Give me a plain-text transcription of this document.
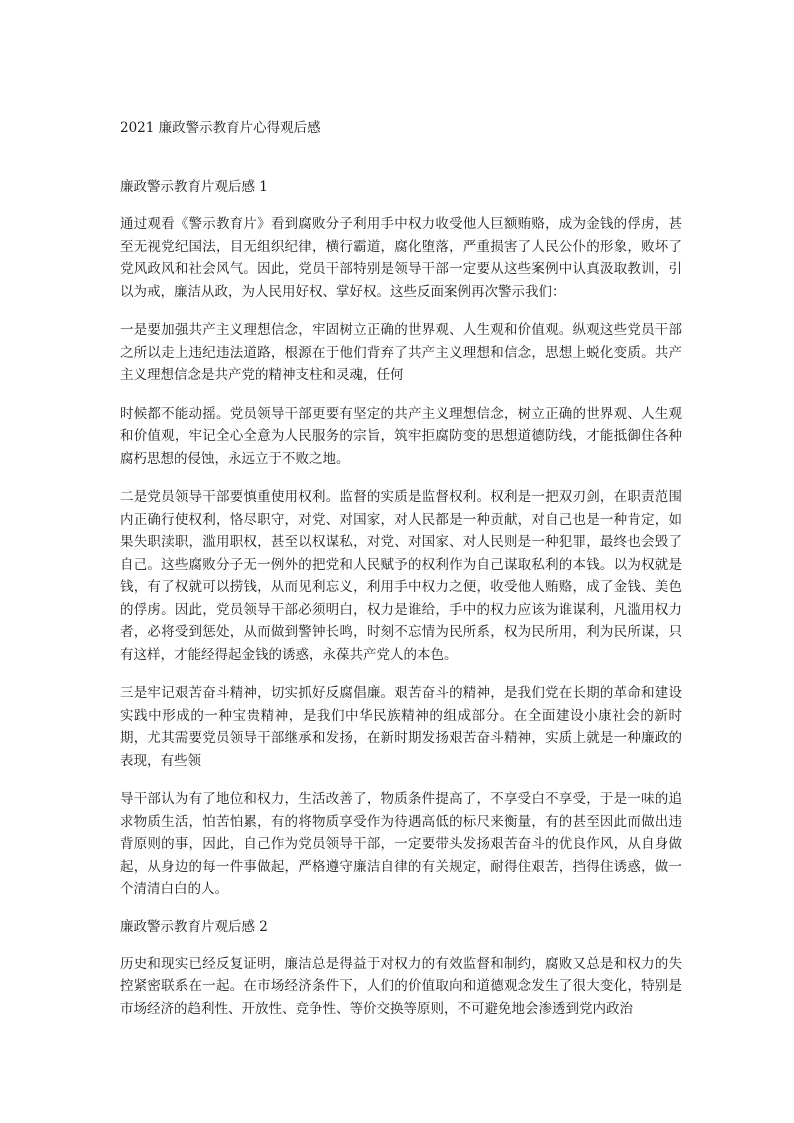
2021 廉政警示教育片心得观后感
廉政警示教育片观后感 1

通过观看《警示教育片》看到腐败分子利用手中权力收受他人巨额贿赂，成为金钱的俘虏，甚至无视党纪国法，目无组织纪律，横行霸道，腐化堕落，严重损害了人民公仆的形象，败坏了党风政风和社会风气。因此，党员干部特别是领导干部一定要从这些案例中认真汲取教训，引以为戒，廉洁从政，为人民用好权、掌好权。这些反面案例再次警示我们：

一是要加强共产主义理想信念，牢固树立正确的世界观、人生观和价值观。纵观这些党员干部之所以走上违纪违法道路，根源在于他们背弃了共产主义理想和信念，思想上蜕化变质。共产主义理想信念是共产党的精神支柱和灵魂，任何

时候都不能动摇。党员领导干部更要有坚定的共产主义理想信念，树立正确的世界观、人生观和价值观，牢记全心全意为人民服务的宗旨，筑牢拒腐防变的思想道德防线，才能抵御住各种腐朽思想的侵蚀，永远立于不败之地。

二是党员领导干部要慎重使用权利。监督的实质是监督权利。权利是一把双刃剑，在职责范围内正确行使权利，恪尽职守，对党、对国家，对人民都是一种贡献，对自己也是一种肯定，如果失职渎职，滥用职权，甚至以权谋私，对党、对国家、对人民则是一种犯罪，最终也会毁了自己。这些腐败分子无一例外的把党和人民赋予的权利作为自己谋取私利的本钱。以为权就是钱，有了权就可以捞钱，从而见利忘义，利用手中权力之便，收受他人贿赂，成了金钱、美色的俘虏。因此，党员领导干部必须明白，权力是谁给，手中的权力应该为谁谋利，凡滥用权力者，必将受到惩处，从而做到警钟长鸣，时刻不忘情为民所系，权为民所用，利为民所谋，只有这样，才能经得起金钱的诱惑，永葆共产党人的本色。

三是牢记艰苦奋斗精神，切实抓好反腐倡廉。艰苦奋斗的精神，是我们党在长期的革命和建设实践中形成的一种宝贵精神，是我们中华民族精神的组成部分。在全面建设小康社会的新时期，尤其需要党员领导干部继承和发扬，在新时期发扬艰苦奋斗精神，实质上就是一种廉政的表现，有些领

导干部认为有了地位和权力，生活改善了，物质条件提高了，不享受白不享受，于是一味的追求物质生活，怕苦怕累，有的将物质享受作为待遇高低的标尺来衡量，有的甚至因此而做出违背原则的事，因此，自己作为党员领导干部，一定要带头发扬艰苦奋斗的优良作风，从自身做起，从身边的每一件事做起，严格遵守廉洁自律的有关规定，耐得住艰苦，挡得住诱惑，做一个清清白白的人。

廉政警示教育片观后感 2

历史和现实已经反复证明，廉洁总是得益于对权力的有效监督和制约，腐败又总是和权力的失控紧密联系在一起。在市场经济条件下，人们的价值取向和道德观念发生了很大变化，特别是市场经济的趋利性、开放性、竞争性、等价交换等原则，不可避免地会渗透到党内政治
